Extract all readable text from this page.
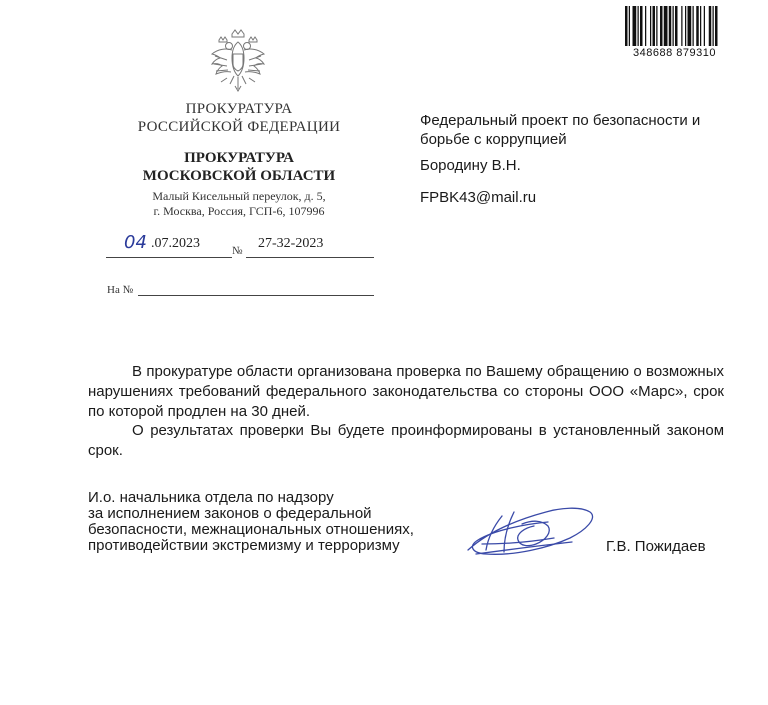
348688 879310
ПРОКУРАТУРА
РОССИЙСКОЙ ФЕДЕРАЦИИ
ПРОКУРАТУРА
МОСКОВСКОЙ ОБЛАСТИ
Малый Кисельный переулок, д. 5,
г. Москва, Россия, ГСП-6, 107996
04 .07.2023	№ 27-32-2023
На №
Федеральный проект по безопасности и
борьбе с коррупцией
Бородину В.Н.
FPBK43@mail.ru
В прокуратуре области организована проверка по Вашему обращению о возможных нарушениях требований федерального законодательства со стороны ООО «Марс», срок по которой продлен на 30 дней.
О результатах проверки Вы будете проинформированы в установленный законом срок.
И.о. начальника отдела по надзору
за исполнением законов о федеральной
безопасности, межнациональных отношениях,
противодействии экстремизму и терроризму	Г.В. Пожидаев
